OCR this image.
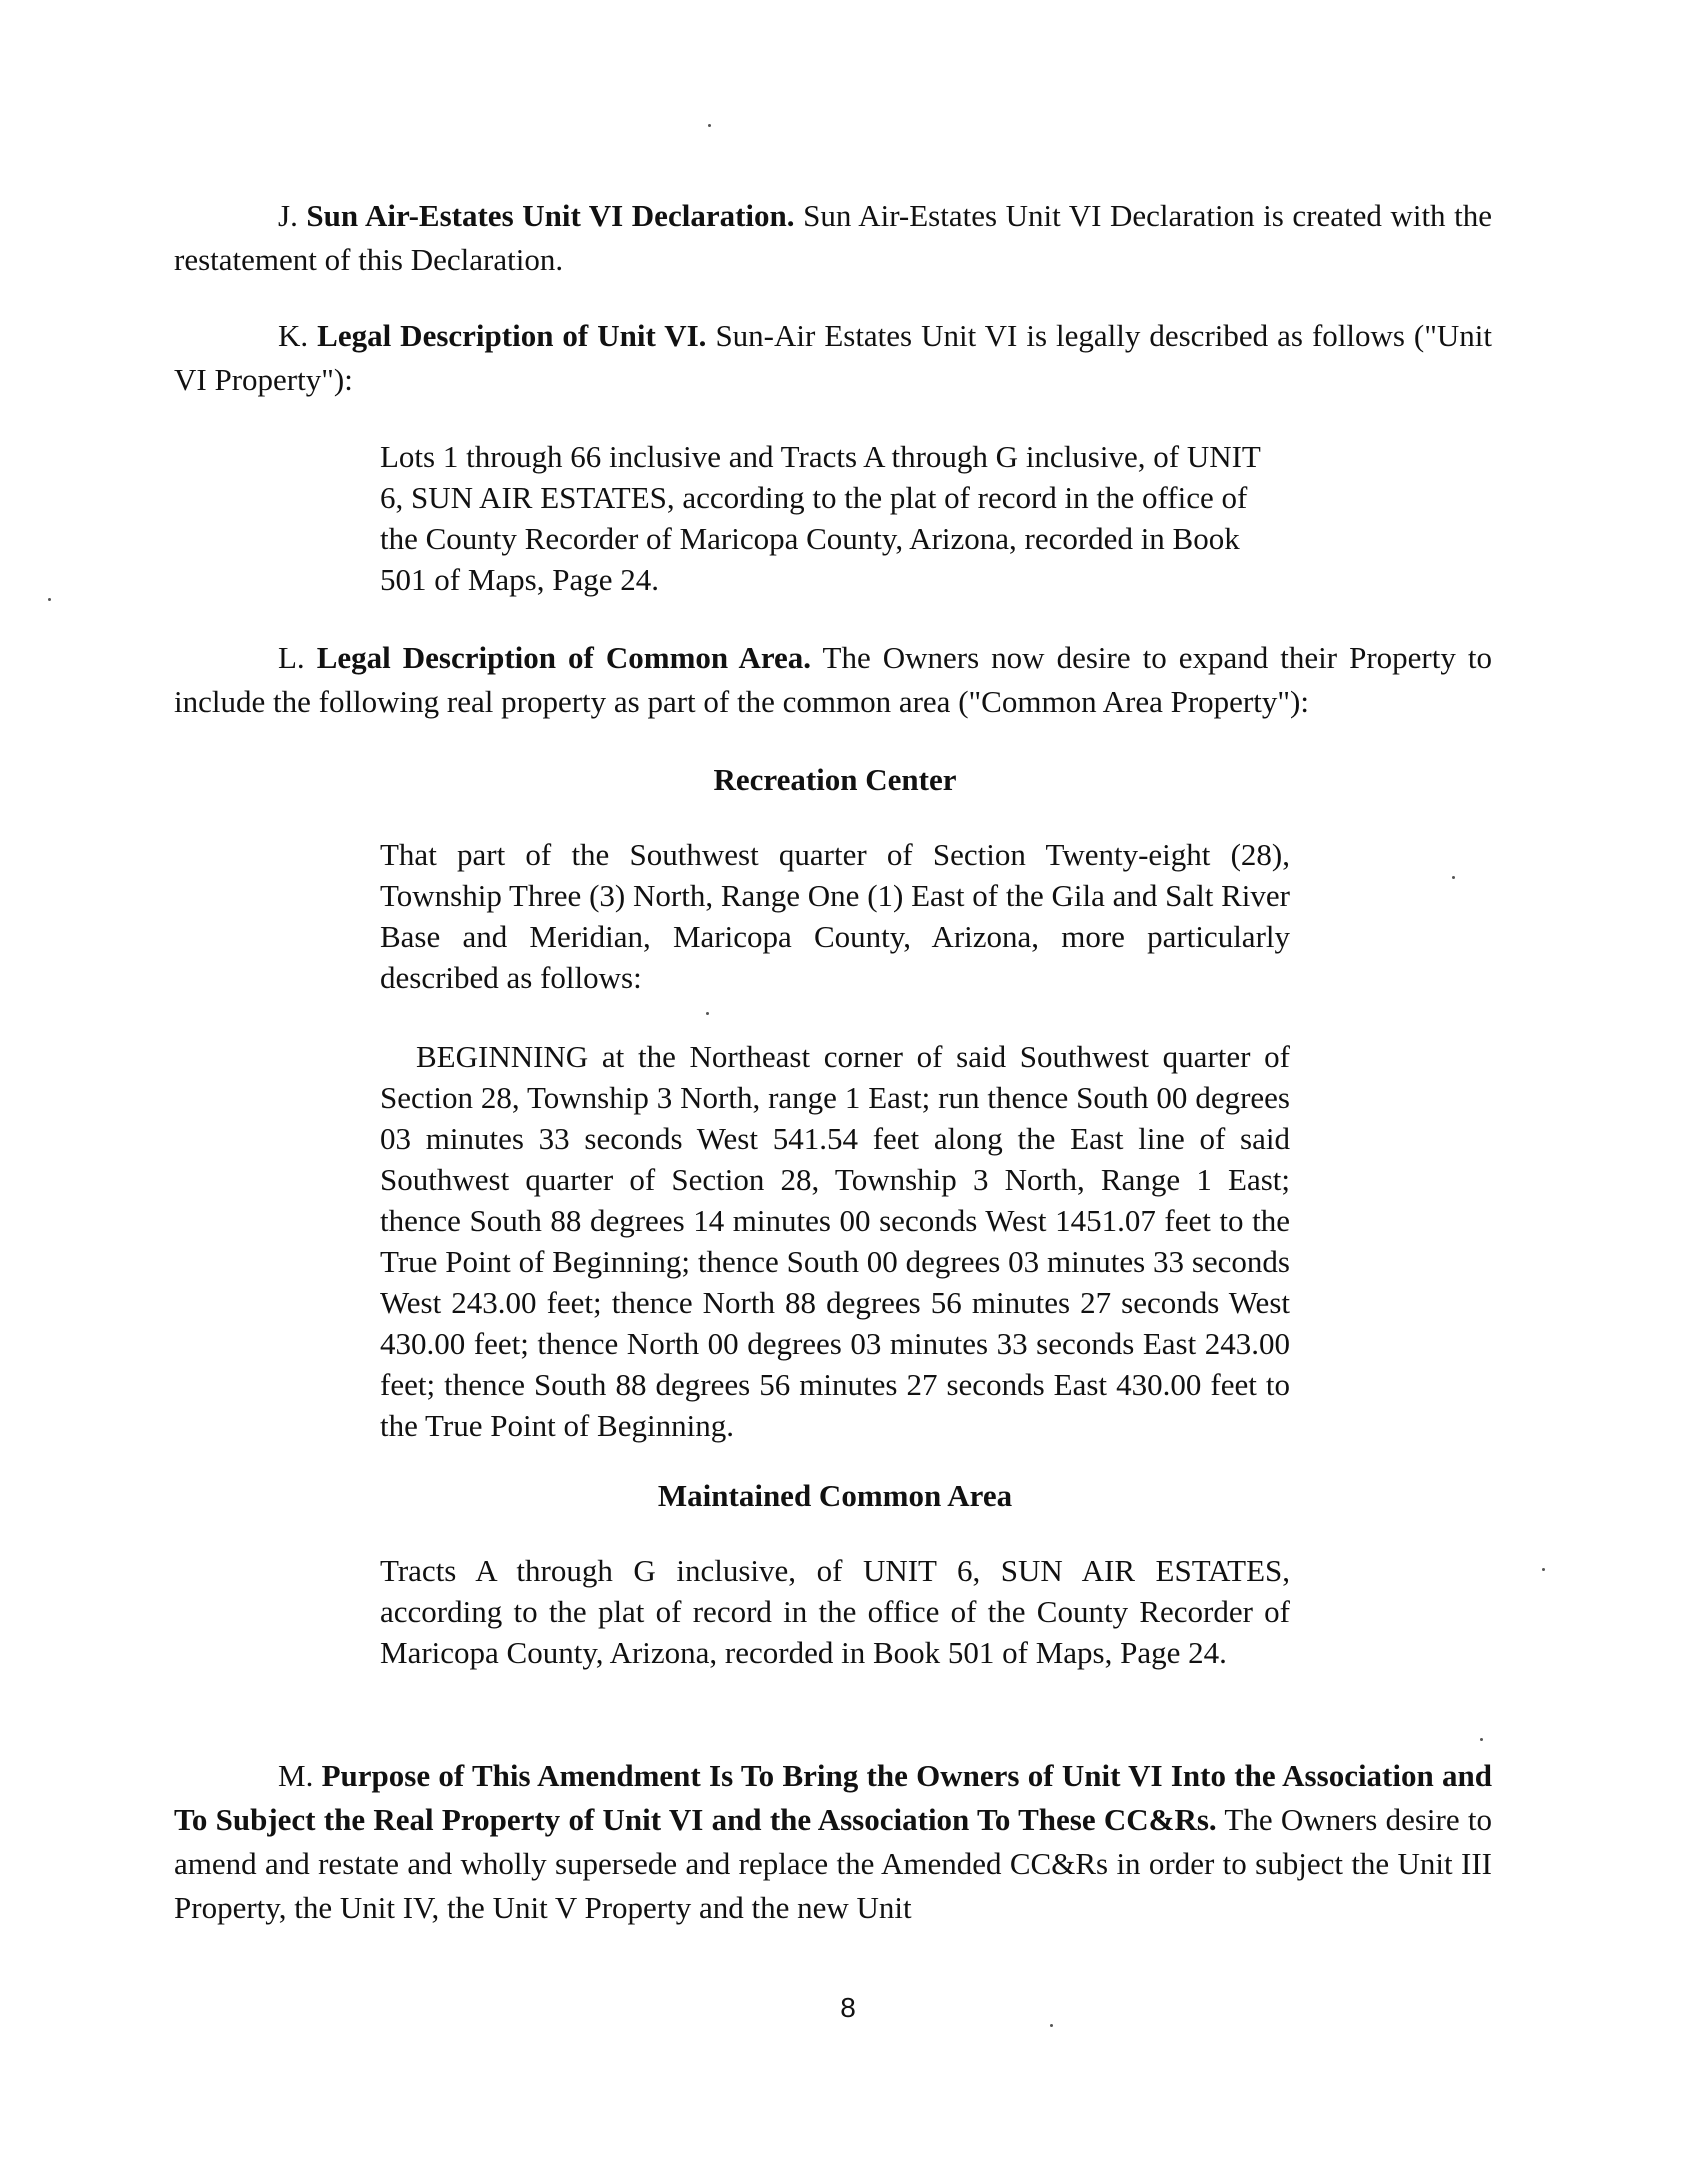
J. Sun Air-Estates Unit VI Declaration. Sun Air-Estates Unit VI Declaration is created with the restatement of this Declaration.

K. Legal Description of Unit VI. Sun-Air Estates Unit VI is legally described as follows ("Unit VI Property"):

Lots 1 through 66 inclusive and Tracts A through G inclusive, of UNIT 6, SUN AIR ESTATES, according to the plat of record in the office of the County Recorder of Maricopa County, Arizona, recorded in Book 501 of Maps, Page 24.

L. Legal Description of Common Area. The Owners now desire to expand their Property to include the following real property as part of the common area ("Common Area Property"):

Recreation Center

That part of the Southwest quarter of Section Twenty-eight (28), Township Three (3) North, Range One (1) East of the Gila and Salt River Base and Meridian, Maricopa County, Arizona, more particularly described as follows:

BEGINNING at the Northeast corner of said Southwest quarter of Section 28, Township 3 North, range 1 East; run thence South 00 degrees 03 minutes 33 seconds West 541.54 feet along the East line of said Southwest quarter of Section 28, Township 3 North, Range 1 East; thence South 88 degrees 14 minutes 00 seconds West 1451.07 feet to the True Point of Beginning; thence South 00 degrees 03 minutes 33 seconds West 243.00 feet; thence North 88 degrees 56 minutes 27 seconds West 430.00 feet; thence North 00 degrees 03 minutes 33 seconds East 243.00 feet; thence South 88 degrees 56 minutes 27 seconds East 430.00 feet to the True Point of Beginning.

Maintained Common Area

Tracts A through G inclusive, of UNIT 6, SUN AIR ESTATES, according to the plat of record in the office of the County Recorder of Maricopa County, Arizona, recorded in Book 501 of Maps, Page 24.

M. Purpose of This Amendment Is To Bring the Owners of Unit VI Into the Association and To Subject the Real Property of Unit VI and the Association To These CC&Rs. The Owners desire to amend and restate and wholly supersede and replace the Amended CC&Rs in order to subject the Unit III Property, the Unit IV, the Unit V Property and the new Unit

8
